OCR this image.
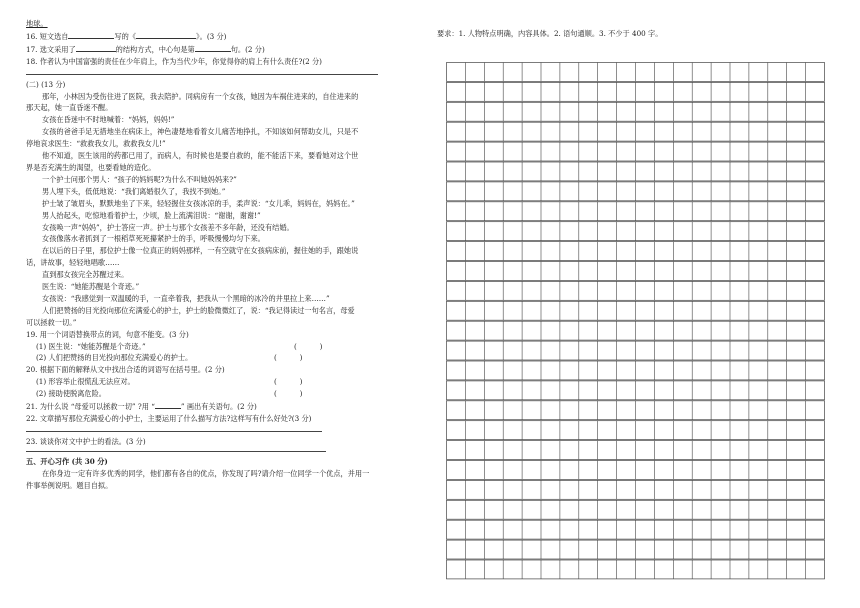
地球。
16. 短文选自	写的《	》。(3 分)
17. 选文采用了	的结构方式，中心句是第	句。(2 分)
18. 作者认为中国富强的责任在少年肩上，作为当代少年，你觉得你的肩上有什么责任?(2 分)
(二) (13 分)
那年，小林因为受伤住进了医院，我去陪护。同病房有一个女孩，她因为车祸住进来的，自住进来的
那天起，她一直昏迷不醒。
女孩在昏迷中不时地喊着：“妈妈，妈妈!”
女孩的爸爸手足无措地坐在病床上，神色凄楚地看着女儿痛苦地挣扎，不知该如何帮助女儿，只是不
停地哀求医生：“救救我女儿，救救我女儿!”
他不知道，医生该用的药都已用了，而病人，有时候也是要自救的，能不能活下来，要看她对这个世
界是否充满生的渴望，也要看她的造化。
一个护士问那个男人：“孩子的妈妈呢?为什么不叫她妈妈来?”
男人埋下头，低低地说：“我们离婚很久了，我找不到她。”
护士皱了皱眉头，默默地坐了下来，轻轻握住女孩冰凉的手，柔声说：“女儿乖，妈妈在，妈妈在。”
男人抬起头，吃惊地看着护士，少顷，脸上流满泪说：“谢谢，谢谢!”
女孩唤一声“妈妈”，护士答应一声。护士与那个女孩差不多年龄，还没有结婚。
女孩像落水者抓到了一根稻草死死攥紧护士的手，呼吸慢慢均匀下来。
在以后的日子里，那位护士像一位真正的妈妈那样，一有空就守在女孩病床前，握住她的手，跟她说
话，讲故事，轻轻地唱歌……
直到那女孩完全苏醒过来。
医生说：“她能苏醒是个奇迹。”
女孩说：“我感觉到一双温暖的手，一直牵着我，把我从一个黑暗的冰冷的井里拉上来……”
人们把赞扬的目光投向那位充满爱心的护士，护士的脸微微红了，说：“我记得读过一句名言，母爱
可以拯救一切。”
19. 用一个词语替换带点的词，句意不能变。(3 分)
(1) 医生说：“她能苏醒是个奇迹。”	(          )
(2) 人们把赞扬的目光投向那位充满爱心的护士。	(          )
20. 根据下面的解释从文中找出合适的词语写在括号里。(2 分)
(1) 形容举止很慌乱无法应对。	(          )
(2) 接助使脱离危险。	(          )
21. 为什么说 “母爱可以拯救一切” ?用 “	” 画出有关语句。(2 分)
22. 文章描写那位充满爱心的小护士，主要运用了什么描写方法?这样写有什么好处?(3 分)
23. 谈谈你对文中护士的看法。(3 分)
五、开心习作 (共 30 分)
在你身边一定有许多优秀的同学，他们都有各自的优点，你发现了吗?请介绍一位同学一个优点，并用一
件事举例说明。题目自拟。
要求：1. 人物特点明确，内容具体。2. 语句通顺。3. 不少于 400 字。
